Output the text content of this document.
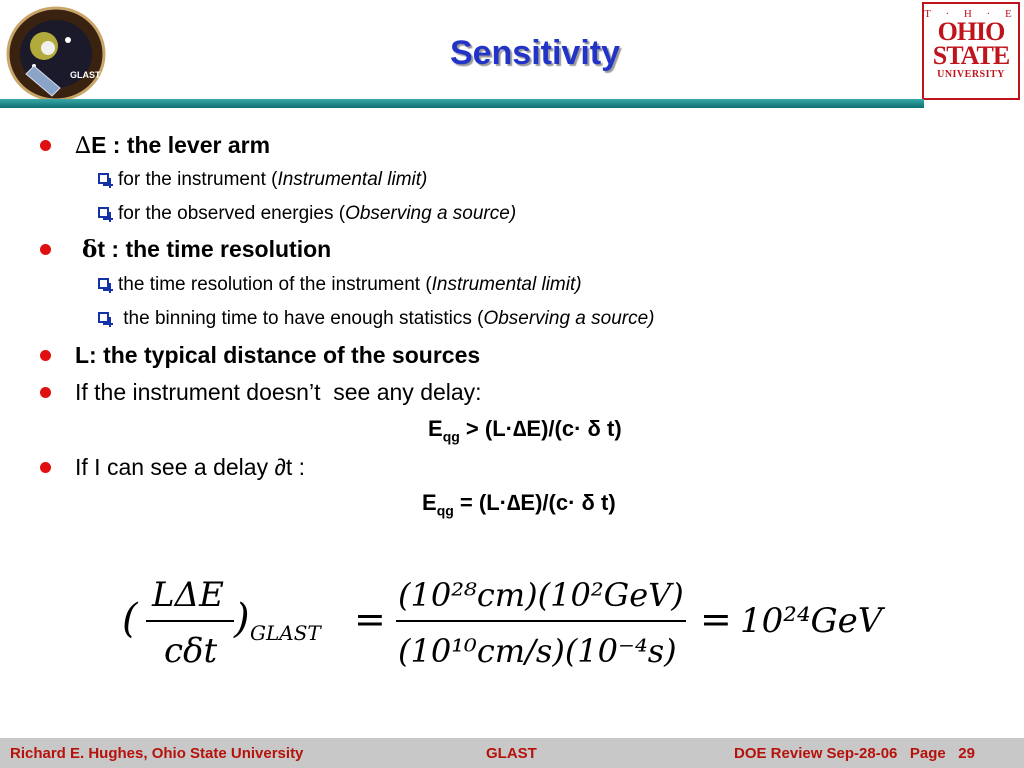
GLAST
T · H · E
OHIO
STATE
UNIVERSITY
Sensitivity
∆E : the lever arm
for the instrument (Instrumental limit)
for the observed energies (Observing a source)
δt : the time resolution
the time resolution of the instrument (Instrumental limit)
the binning time to have enough statistics (Observing a source)
L: the typical distance of the sources
If the instrument doesn’t  see any delay:
$E_{qg} > (L\cdot\Delta E)/(c\cdot \delta$ t)
If I can see a delay ∂t :
$E_{qg} = (L\cdot\Delta E)/(c\cdot \delta$ t)
(
LΔE
cδt
) GLAST =
(10²⁸cm)(10²GeV)
(10¹⁰cm/s)(10⁻⁴s)
= 10²⁴GeV
Richard E. Hughes, Ohio State University	GLAST	DOE Review Sep-28-06   Page   29
